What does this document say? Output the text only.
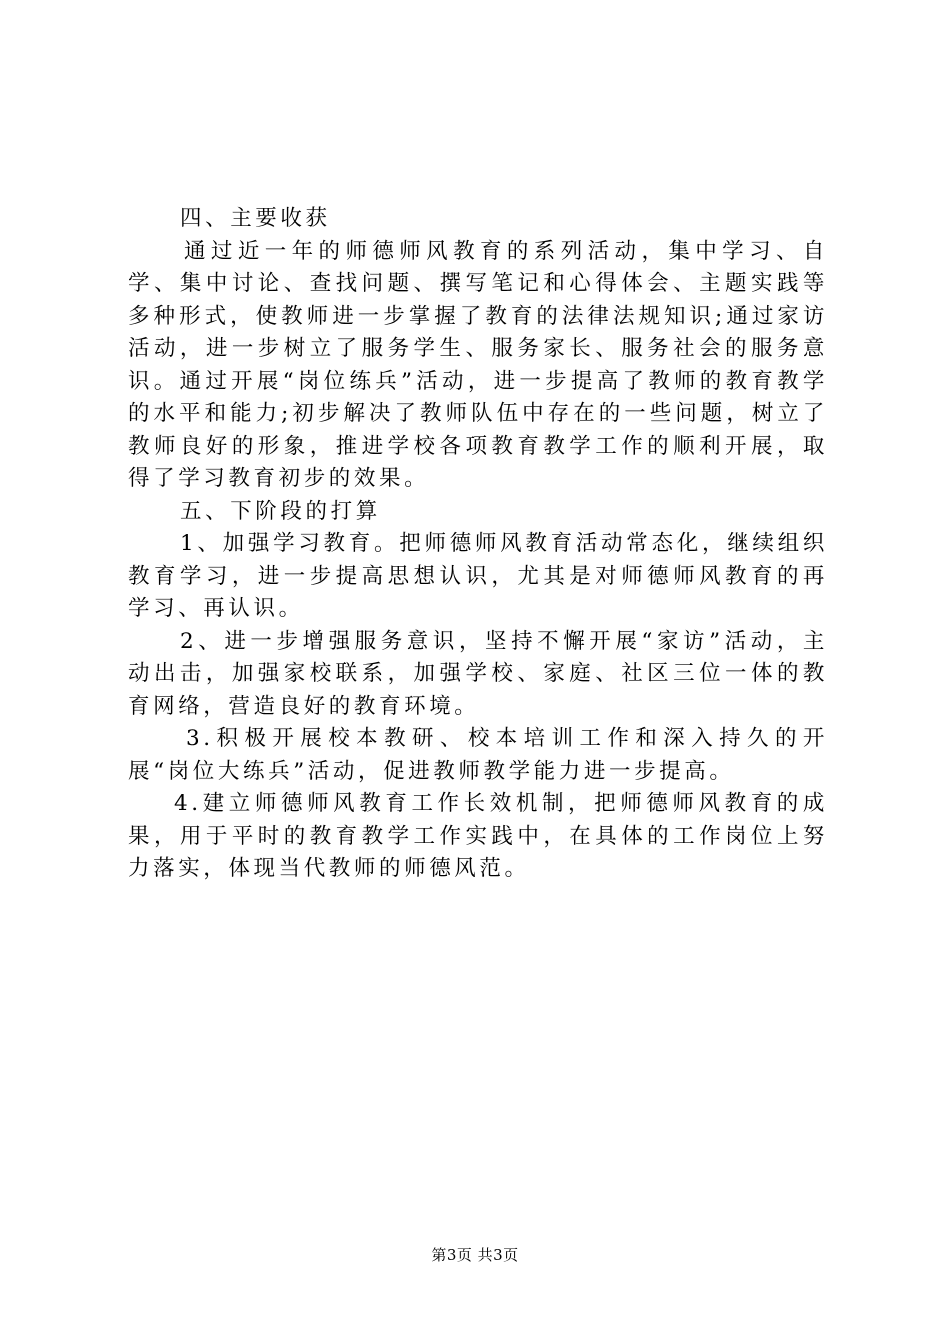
四、主要收获

通过近一年的师德师风教育的系列活动，集中学习、自学、集中讨论、查找问题、撰写笔记和心得体会、主题实践等多种形式，使教师进一步掌握了教育的法律法规知识;通过家访活动，进一步树立了服务学生、服务家长、服务社会的服务意识。通过开展“岗位练兵”活动，进一步提高了教师的教育教学的水平和能力;初步解决了教师队伍中存在的一些问题，树立了教师良好的形象，推进学校各项教育教学工作的顺利开展，取得了学习教育初步的效果。

五、下阶段的打算

1、加强学习教育。把师德师风教育活动常态化，继续组织教育学习，进一步提高思想认识，尤其是对师德师风教育的再学习、再认识。

2、进一步增强服务意识，坚持不懈开展“家访”活动，主动出击，加强家校联系，加强学校、家庭、社区三位一体的教育网络，营造良好的教育环境。

3.积极开展校本教研、校本培训工作和深入持久的开展“岗位大练兵”活动，促进教师教学能力进一步提高。

4.建立师德师风教育工作长效机制，把师德师风教育的成果，用于平时的教育教学工作实践中，在具体的工作岗位上努力落实，体现当代教师的师德风范。

第3页 共3页
